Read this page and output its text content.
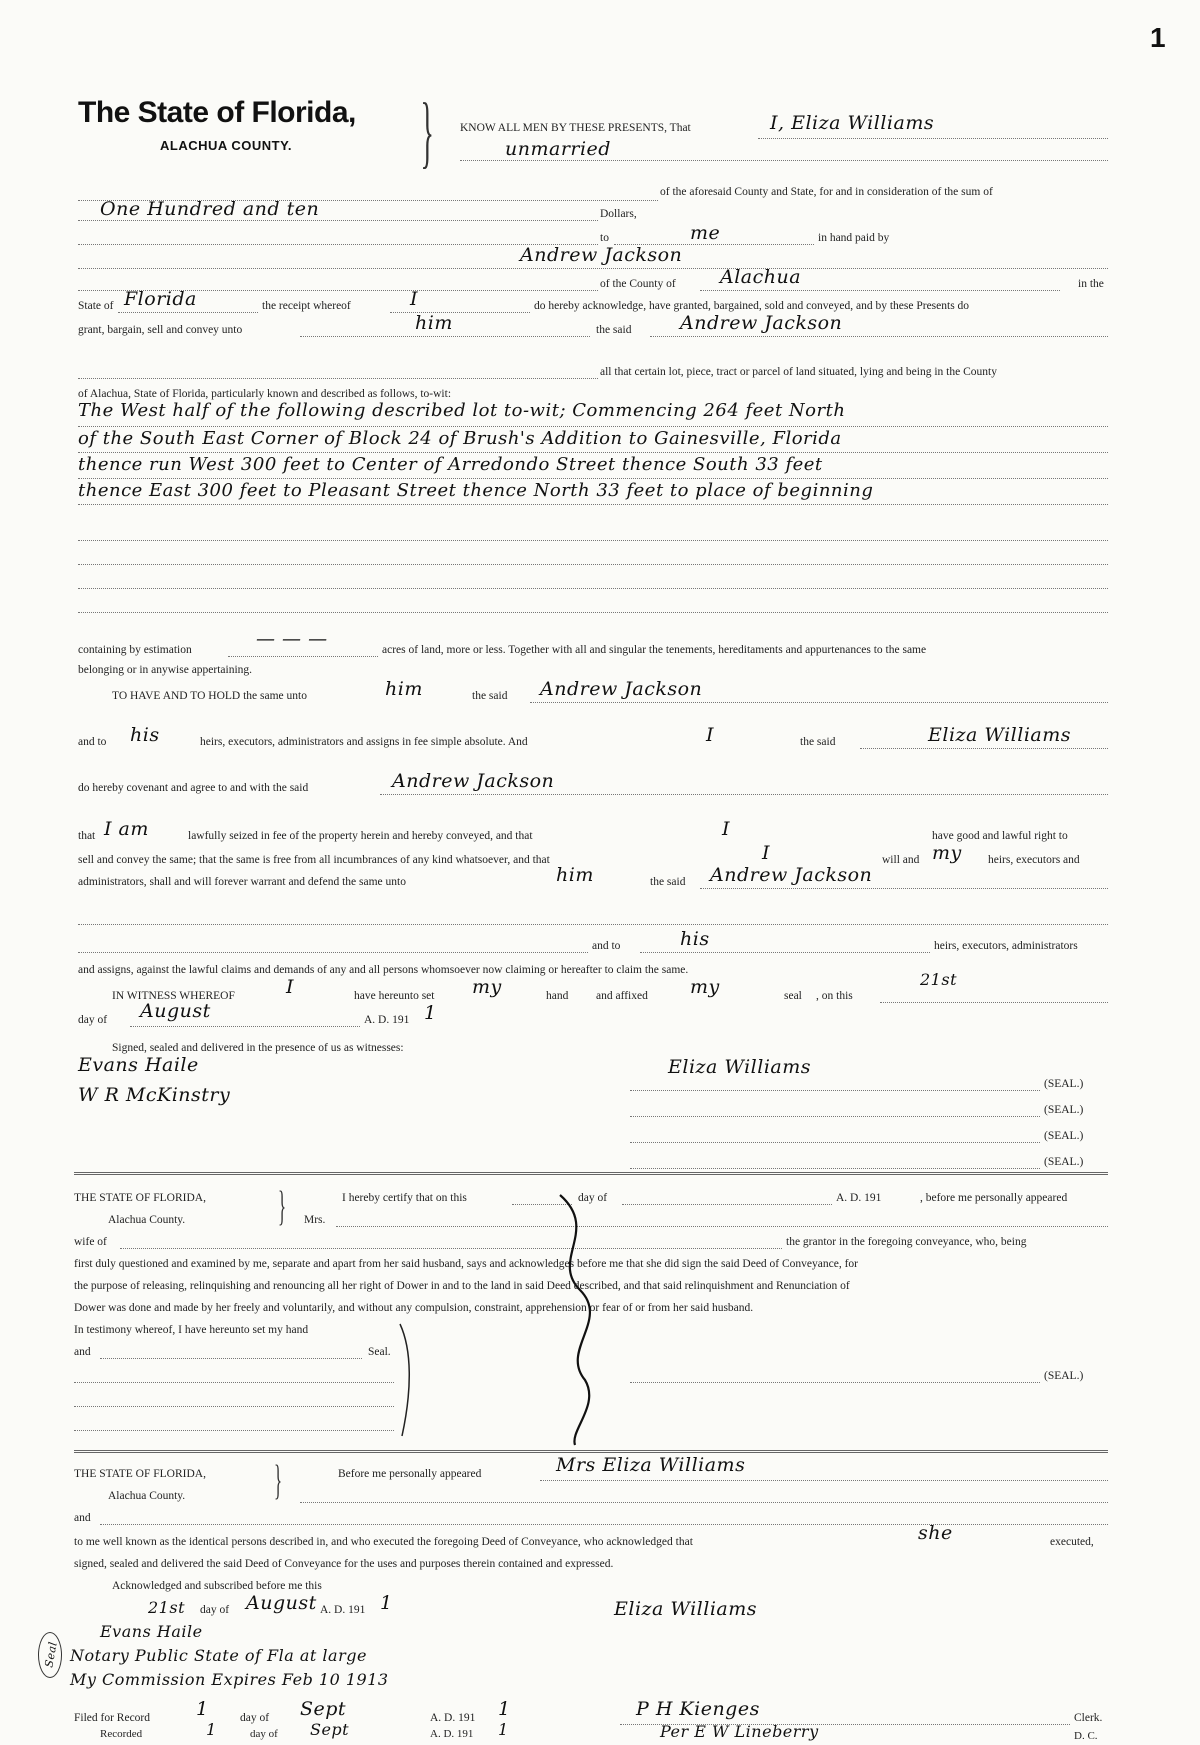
1
The State of Florida,
ALACHUA COUNTY. } KNOW ALL MEN BY THESE PRESENTS, That	I, Eliza Williams
unmarried
of the aforesaid County and State, for and in consideration of the sum of
One Hundred and ten	Dollars,
to	me	in hand paid by
Andrew Jackson
of the County of Alachua	in the
State of Florida	the receipt whereof	I	do hereby acknowledge, have granted, bargained, sold and conveyed, and by these Presents do
grant, bargain, sell and convey unto	him	the said	Andrew Jackson
all that certain lot, piece, tract or parcel of land situated, lying and being in the County
of Alachua, State of Florida, particularly known and described as follows, to-wit:
The West half of the following described lot to-wit; Commencing 264 feet North
of the South East Corner of Block 24 of Brush's Addition to Gainesville, Florida
thence run West 300 feet to Center of Arredondo Street thence South 33 feet
thence East 300 feet to Pleasant Street thence North 33 feet to place of beginning
containing by estimation	— — —	acres of land, more or less. Together with all and singular the tenements, hereditaments and appurtenances to the same
belonging or in anywise appertaining.
TO HAVE AND TO HOLD the same unto	him	the said Andrew Jackson
and to his	heirs, executors, administrators and assigns in fee simple absolute. And	I	the said	Eliza Williams
do hereby covenant and agree to and with the said	Andrew Jackson
that I am	lawfully seized in fee of the property herein and hereby conveyed, and that	I	have good and lawful right to
sell and convey the same; that the same is free from all incumbrances of any kind whatsoever, and that	I	will and my heirs, executors and
administrators, shall and will forever warrant and defend the same unto	him	the said Andrew Jackson
and to	his	heirs, executors, administrators
and assigns, against the lawful claims and demands of any and all persons whomsoever now claiming or hereafter to claim the same.
IN WITNESS WHEREOF	I	have hereunto set my	hand and affixed my	seal , on this
21st
day of August	A. D. 191 1
Signed, sealed and delivered in the presence of us as witnesses:
Evans Haile
W R McKinstry
Eliza Williams
(SEAL.)
(SEAL.)
(SEAL.)
(SEAL.)
THE STATE OF FLORIDA,
Alachua County. }	I hereby certify that on this	day of	A. D. 191	, before me personally appeared
Mrs.
wife of	the grantor in the foregoing conveyance, who, being
first duly questioned and examined by me, separate and apart from her said husband, says and acknowledges before me that she did sign the said Deed of Conveyance, for
the purpose of releasing, relinquishing and renouncing all her right of Dower in and to the land in said Deed described, and that said relinquishment and Renunciation of
Dower was done and made by her freely and voluntarily, and without any compulsion, constraint, apprehension or fear of or from her said husband.
In testimony whereof, I have hereunto set my hand
and	Seal.
(SEAL.)
THE STATE OF FLORIDA,
Alachua County. }	Before me personally appeared	Mrs Eliza Williams
and
to me well known as the identical persons described in, and who executed the foregoing Deed of Conveyance, who acknowledged that	she	executed,
signed, sealed and delivered the said Deed of Conveyance for the uses and purposes therein contained and expressed.
Acknowledged and subscribed before me this
21st day of August A. D. 191 1
Evans Haile
Notary Public State of Fla at large
My Commission Expires Feb 10 1913
Seal
Eliza Williams
Filed for Record 1	day of Sept	A. D. 191 1
Recorded	1	day of Sept	A. D. 191 1
P H Kienges	Clerk.
Per E W Lineberry	D. C.
